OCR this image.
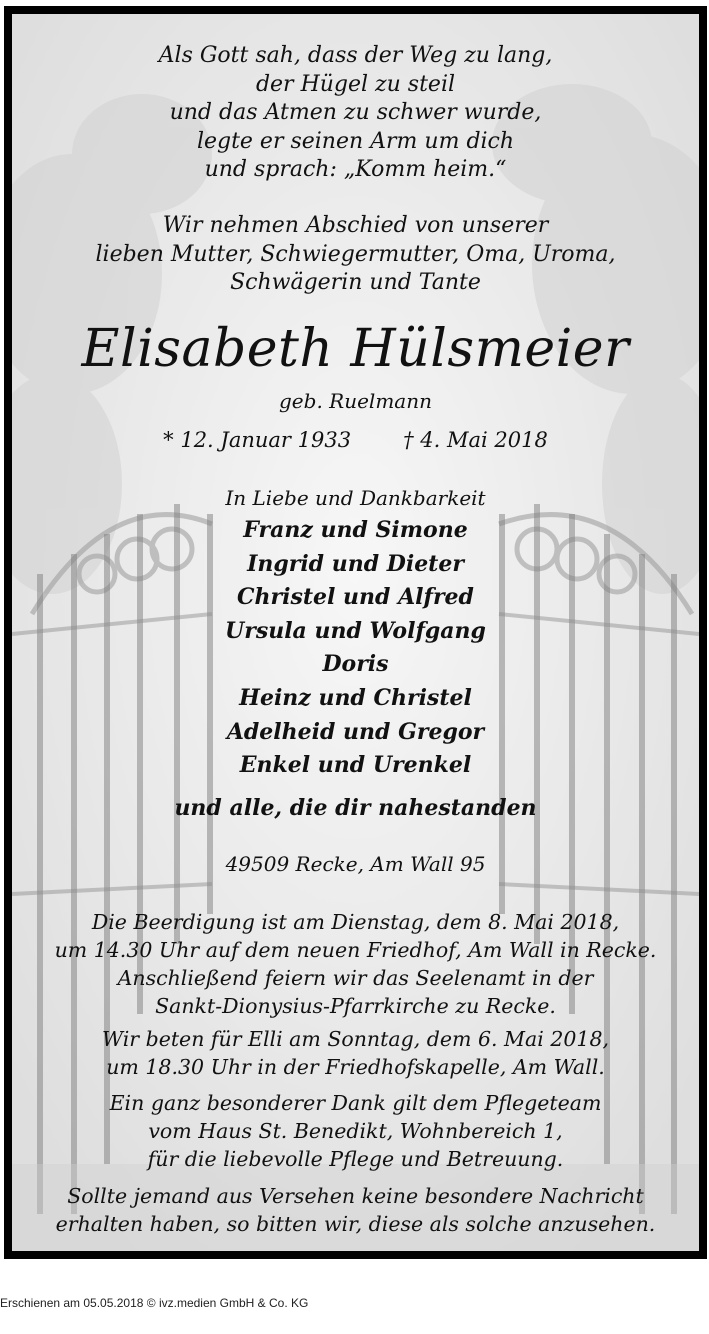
Als Gott sah, dass der Weg zu lang,
der Hügel zu steil
und das Atmen zu schwer wurde,
legte er seinen Arm um dich
und sprach: „Komm heim.“
Wir nehmen Abschied von unserer
lieben Mutter, Schwiegermutter, Oma, Uroma,
Schwägerin und Tante
Elisabeth Hülsmeier
geb. Ruelmann
* 12. Januar 1933 † 4. Mai 2018
In Liebe und Dankbarkeit
Franz und Simone
Ingrid und Dieter
Christel und Alfred
Ursula und Wolfgang
Doris
Heinz und Christel
Adelheid und Gregor
Enkel und Urenkel
und alle, die dir nahestanden
49509 Recke, Am Wall 95
Die Beerdigung ist am Dienstag, dem 8. Mai 2018,
um 14.30 Uhr auf dem neuen Friedhof, Am Wall in Recke.
Anschließend feiern wir das Seelenamt in der
Sankt-Dionysius-Pfarrkirche zu Recke.
Wir beten für Elli am Sonntag, dem 6. Mai 2018,
um 18.30 Uhr in der Friedhofskapelle, Am Wall.
Ein ganz besonderer Dank gilt dem Pflegeteam
vom Haus St. Benedikt, Wohnbereich 1,
für die liebevolle Pflege und Betreuung.
Sollte jemand aus Versehen keine besondere Nachricht
erhalten haben, so bitten wir, diese als solche anzusehen.
Erschienen am 05.05.2018 © ivz.medien GmbH & Co. KG
